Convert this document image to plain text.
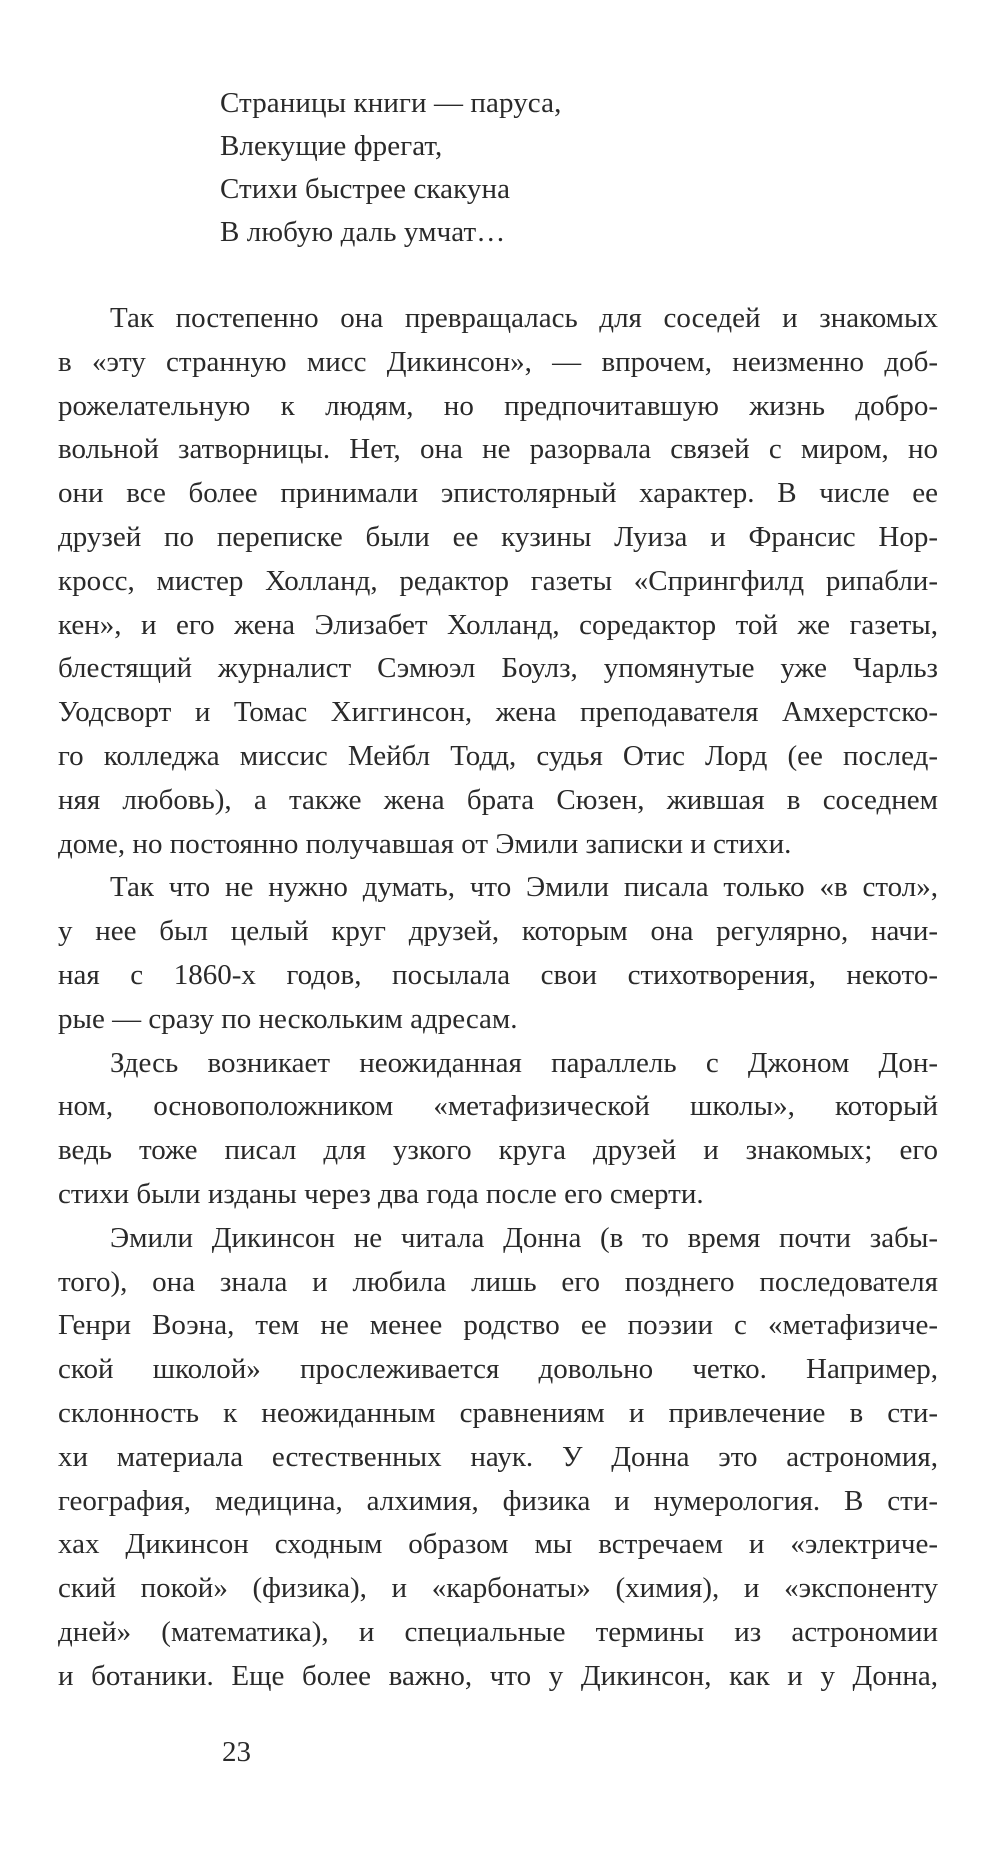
Страницы книги — паруса,
Влекущие фрегат,
Стихи быстрее скакуна
В любую даль умчат…
Так постепенно она превращалась для соседей и знакомых
в «эту странную мисс Дикинсон», — впрочем, неизменно доб-
рожелательную к людям, но предпочитавшую жизнь добро-
вольной затворницы. Нет, она не разорвала связей с миром, но
они все более принимали эпистолярный характер. В числе ее
друзей по переписке были ее кузины Луиза и Франсис Нор-
кросс, мистер Холланд, редактор газеты «Спрингфилд рипабли-
кен», и его жена Элизабет Холланд, соредактор той же газеты,
блестящий журналист Сэмюэл Боулз, упомянутые уже Чарльз
Уодсворт и Томас Хиггинсон, жена преподавателя Амхерстско-
го колледжа миссис Мейбл Тодд, судья Отис Лорд (ее послед-
няя любовь), а также жена брата Сюзен, жившая в соседнем
доме, но постоянно получавшая от Эмили записки и стихи.
Так что не нужно думать, что Эмили писала только «в стол»,
у нее был целый круг друзей, которым она регулярно, начи-
ная с 1860-х годов, посылала свои стихотворения, некото-
рые — сразу по нескольким адресам.
Здесь возникает неожиданная параллель с Джоном Дон-
ном, основоположником «метафизической школы», который
ведь тоже писал для узкого круга друзей и знакомых; его
стихи были изданы через два года после его смерти.
Эмили Дикинсон не читала Донна (в то время почти забы-
того), она знала и любила лишь его позднего последователя
Генри Воэна, тем не менее родство ее поэзии с «метафизиче-
ской школой» прослеживается довольно четко. Например,
склонность к неожиданным сравнениям и привлечение в сти-
хи материала естественных наук. У Донна это астрономия,
география, медицина, алхимия, физика и нумерология. В сти-
хах Дикинсон сходным образом мы встречаем и «электриче-
ский покой» (физика), и «карбонаты» (химия), и «экспоненту
дней» (математика), и специальные термины из астрономии
и ботаники. Еще более важно, что у Дикинсон, как и у Донна,
23
